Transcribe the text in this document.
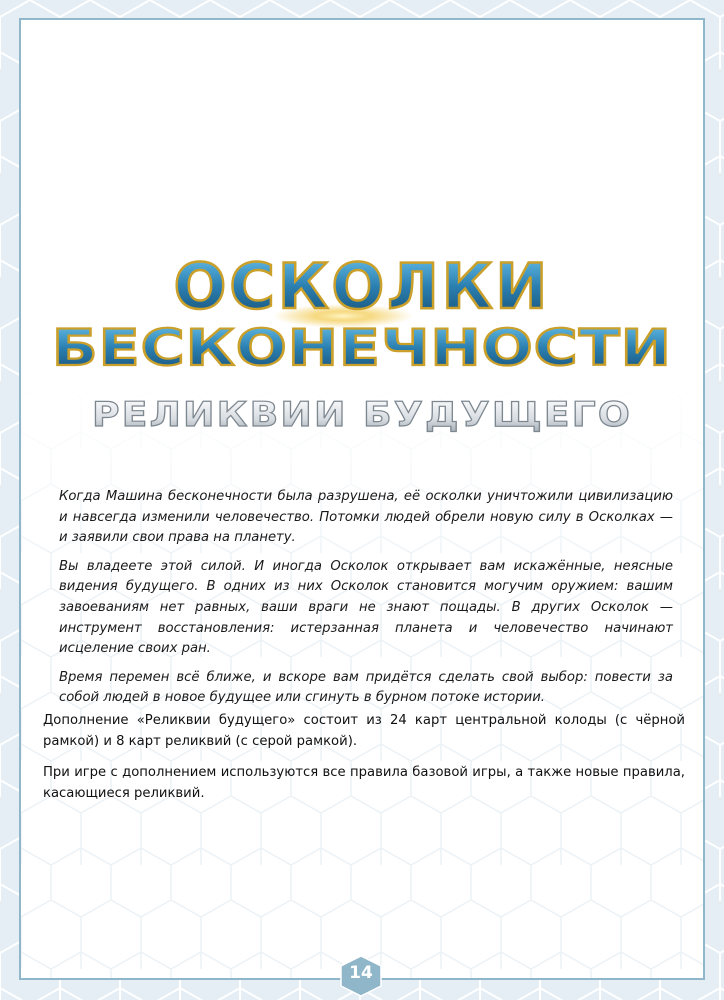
ОСКОЛКИ
БЕСКОНЕЧНОСТИ
РЕЛИКВИИ БУДУЩЕГО

Когда Машина бесконечности была разрушена, её осколки уничтожили цивилизацию и навсегда изменили человечество. Потомки людей обрели новую силу в Осколках — и заявили свои права на планету.

Вы владеете этой силой. И иногда Осколок открывает вам искажённые, неясные видения будущего. В одних из них Осколок становится могучим оружием: вашим завоеваниям нет равных, ваши враги не знают пощады. В других Осколок — инструмент восстановления: истерзанная планета и человечество начинают исцеление своих ран.

Время перемен всё ближе, и вскоре вам придётся сделать свой выбор: повести за собой людей в новое будущее или сгинуть в бурном потоке истории.

Дополнение «Реликвии будущего» состоит из 24 карт центральной колоды (с чёрной рамкой) и 8 карт реликвий (с серой рамкой).

При игре с дополнением используются все правила базовой игры, а также новые правила, касающиеся реликвий.

14
